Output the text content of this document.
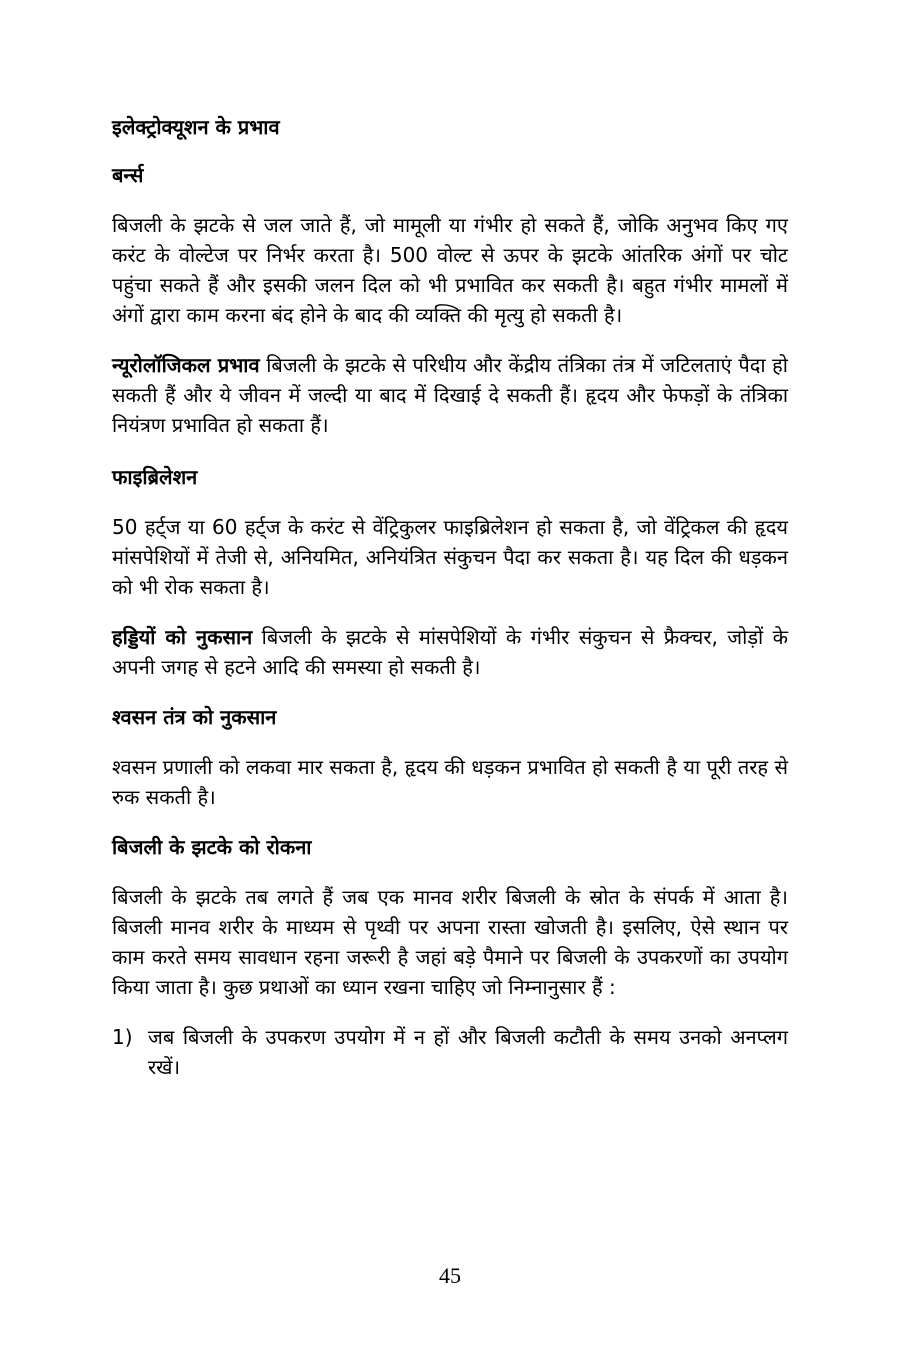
इलेक्ट्रोक्यूशन के प्रभाव
बर्न्स

बिजली के झटके से जल जाते हैं, जो मामूली या गंभीर हो सकते हैं, जोकि अनुभव किए गए करंट के वोल्टेज पर निर्भर करता है। 500 वोल्ट से ऊपर के झटके आंतरिक अंगों पर चोट पहुंचा सकते हैं और इसकी जलन दिल को भी प्रभावित कर सकती है। बहुत गंभीर मामलों में अंगों द्वारा काम करना बंद होने के बाद की व्यक्ति की मृत्यु हो सकती है।

न्यूरोलॉजिकल प्रभाव बिजली के झटके से परिधीय और केंद्रीय तंत्रिका तंत्र में जटिलताएं पैदा हो सकती हैं और ये जीवन में जल्दी या बाद में दिखाई दे सकती हैं। हृदय और फेफड़ों के तंत्रिका नियंत्रण प्रभावित हो सकता हैं।

फाइब्रिलेशन

50 हर्ट्ज या 60 हर्ट्ज के करंट से वेंट्रिकुलर फाइब्रिलेशन हो सकता है, जो वेंट्रिकल की हृदय मांसपेशियों में तेजी से, अनियमित, अनियंत्रित संकुचन पैदा कर सकता है। यह दिल की धड़कन को भी रोक सकता है।

हड्डियों को नुकसान बिजली के झटके से मांसपेशियों के गंभीर संकुचन से फ्रैक्चर, जोड़ों के अपनी जगह से हटने आदि की समस्या हो सकती है।

श्वसन तंत्र को नुकसान

श्वसन प्रणाली को लकवा मार सकता है, हृदय की धड़कन प्रभावित हो सकती है या पूरी तरह से रुक सकती है।

बिजली के झटके को रोकना

बिजली के झटके तब लगते हैं जब एक मानव शरीर बिजली के स्रोत के संपर्क में आता है। बिजली मानव शरीर के माध्यम से पृथ्वी पर अपना रास्ता खोजती है। इसलिए, ऐसे स्थान पर काम करते समय सावधान रहना जरूरी है जहां बड़े पैमाने पर बिजली के उपकरणों का उपयोग किया जाता है। कुछ प्रथाओं का ध्यान रखना चाहिए जो निम्नानुसार हैं :

1) जब बिजली के उपकरण उपयोग में न हों और बिजली कटौती के समय उनको अनप्लग रखें।
45
